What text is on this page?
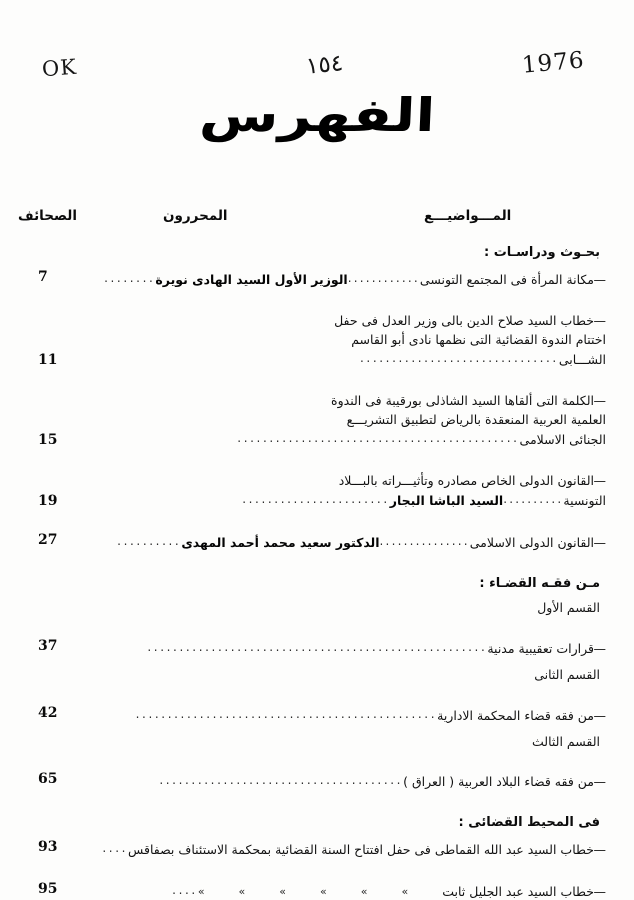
OK	١٥٤	1976
الفهرس
الصحائف	المحررون	المـــواضيـــع
بحـوث ودراسـات :
—مكانة المرأة فى المجتمع التونسى............الوزير الأول السيد الهادى نويرة........
7
—خطاب السيد صلاح الدين بالى وزير العدل فى حفل
اختتام الندوة القضائية التى نظمها نادى أبو القاسم
الشـــابى...............................
11
—الكلمة التى ألقاها السيد الشاذلى بورقيبة فى الندوة
العلمية العربية المنعقدة بالرياض لتطبيق التشريـــع
الجنائى الاسلامى............................................
15
—القانون الدولى الخاص مصادره وتأثيـــراته بالبـــلاد
التونسية..........السيد الباشا البجار.......................
19
—القانون الدولى الاسلامى...............الدكتور سعيد محمد أحمد المهدى..........
27
مـن فقـه القضـاء :
القسم الأول
—قرارات تعقيبية مدنية.....................................................
37
القسم الثانى
—من فقه قضاء المحكمة الادارية...............................................
42
القسم الثالث
—من فقه قضاء البلاد العربية ( العراق )......................................
65
فى المحيط القضائى :
—خطاب السيد عبد الله القماطى فى حفل افتتاح السنة القضائية بمحكمة الاستئناف بصفاقس....
93
—خطاب السيد عبد الجليل ثابت»»»»»»....
95
